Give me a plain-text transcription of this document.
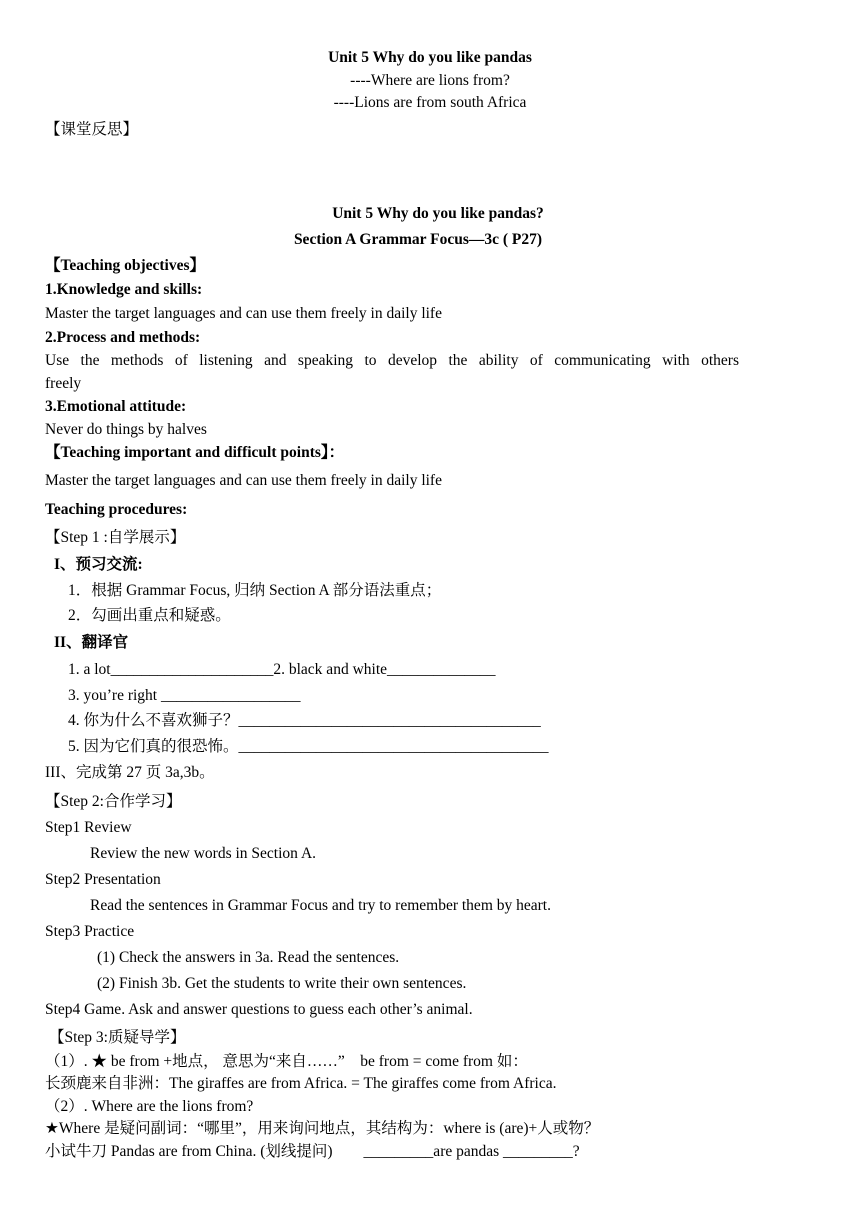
Unit 5 Why do you like pandas

----Where are lions from?

----Lions are from south Africa

【课堂反思】

Unit 5 Why do you like pandas?

Section A Grammar Focus—3c ( P27)

【Teaching objectives】

1.Knowledge and skills:

Master the target languages and can use them freely in daily life

2.Process and methods:

Use the methods of listening and speaking to develop the ability of communicating with others

freely

3.Emotional attitude:

Never do things by halves

【Teaching important and difficult points】：

Master the target languages and can use them freely in daily life

Teaching procedures:

【Step 1 :自学展示】

I、预习交流:

1．根据 Grammar Focus, 归纳 Section A 部分语法重点；

2．勾画出重点和疑惑。

II、翻译官

1. a lot_____________________2. black and white______________

3. you’re right __________________

4. 你为什么不喜欢狮子？_______________________________________

5. 因为它们真的很恐怖。________________________________________

III、完成第 27 页 3a,3b。

【Step 2:合作学习】

Step1 Review

Review the new words in Section A.

Step2 Presentation

Read the sentences in Grammar Focus and try to remember them by heart.

Step3 Practice

(1) Check the answers in 3a. Read the sentences.

(2) Finish 3b. Get the students to write their own sentences.

Step4 Game. Ask and answer questions to guess each other’s animal.

【Step 3:质疑导学】

（1）. ★ be from +地点， 意思为“来自……”　be from = come from 如：

长颈鹿来自非洲：The giraffes are from Africa. = The giraffes come from Africa.

（2）. Where are the lions from?

★Where 是疑问副词：“哪里”，用来询问地点，其结构为：where is (are)+人或物？

小试牛刀 Pandas are from China. (划线提问)　　_________are pandas _________?
